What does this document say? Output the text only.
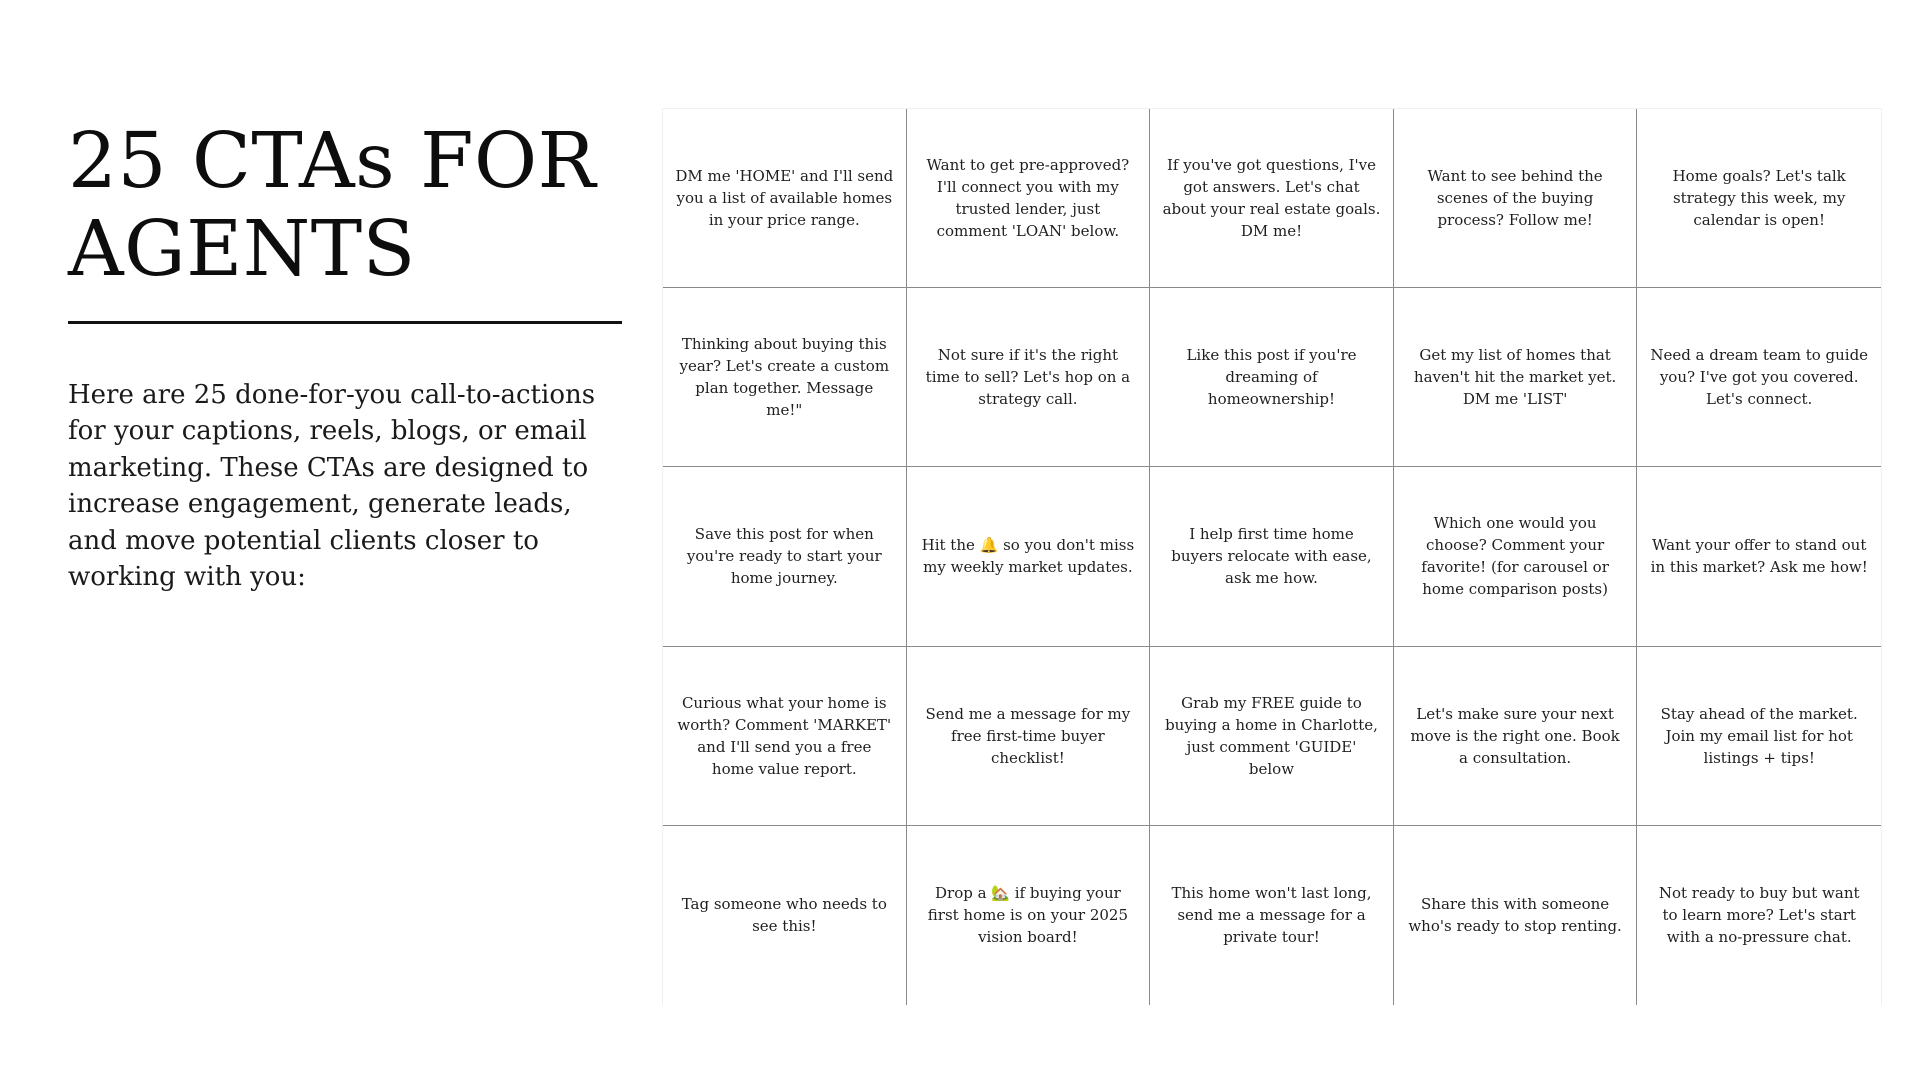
25 CTAs FOR
AGENTS

Here are 25 done-for-you call-to-actions for your captions, reels, blogs, or email marketing. These CTAs are designed to increase engagement, generate leads, and move potential clients closer to working with you:

DM me 'HOME' and I'll send you a list of available homes in your price range.
Want to get pre-approved? I'll connect you with my trusted lender, just comment 'LOAN' below.
If you've got questions, I've got answers. Let's chat about your real estate goals. DM me!
Want to see behind the scenes of the buying process? Follow me!
Home goals? Let's talk strategy this week, my calendar is open!
Thinking about buying this year? Let's create a custom plan together. Message me!"
Not sure if it's the right time to sell? Let's hop on a strategy call.
Like this post if you're dreaming of homeownership!
Get my list of homes that haven't hit the market yet. DM me 'LIST'
Need a dream team to guide you? I've got you covered. Let's connect.
Save this post for when you're ready to start your home journey.
Hit the 🔔 so you don't miss my weekly market updates.
I help first time home buyers relocate with ease, ask me how.
Which one would you choose? Comment your favorite! (for carousel or home comparison posts)
Want your offer to stand out in this market? Ask me how!
Curious what your home is worth? Comment 'MARKET' and I'll send you a free home value report.
Send me a message for my free first-time buyer checklist!
Grab my FREE guide to buying a home in Charlotte, just comment 'GUIDE' below
Let's make sure your next move is the right one. Book a consultation.
Stay ahead of the market. Join my email list for hot listings + tips!
Tag someone who needs to see this!
Drop a 🏡 if buying your first home is on your 2025 vision board!
This home won't last long, send me a message for a private tour!
Share this with someone who's ready to stop renting.
Not ready to buy but want to learn more? Let's start with a no-pressure chat.
